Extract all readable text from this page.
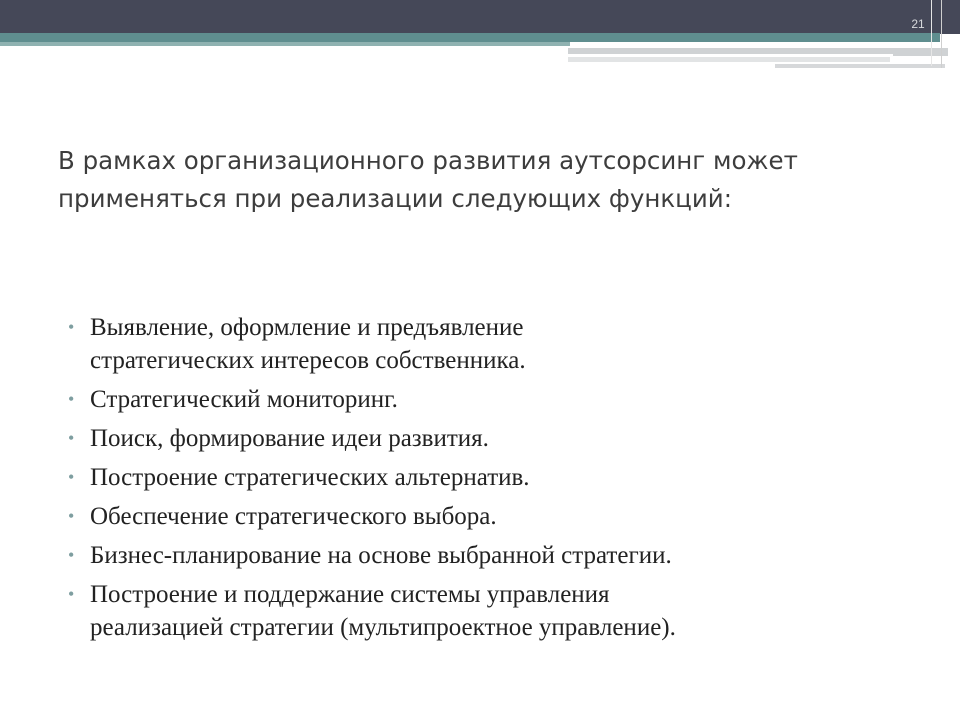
21
В рамках организационного развития аутсорсинг может
применяться при реализации следующих функций:
• Выявление, оформление и предъявление
стратегических интересов собственника.
• Стратегический мониторинг.
• Поиск, формирование идеи развития.
• Построение стратегических альтернатив.
• Обеспечение стратегического выбора.
• Бизнес-планирование на основе выбранной стратегии.
• Построение и поддержание системы управления
реализацией стратегии (мультипроектное управление).
